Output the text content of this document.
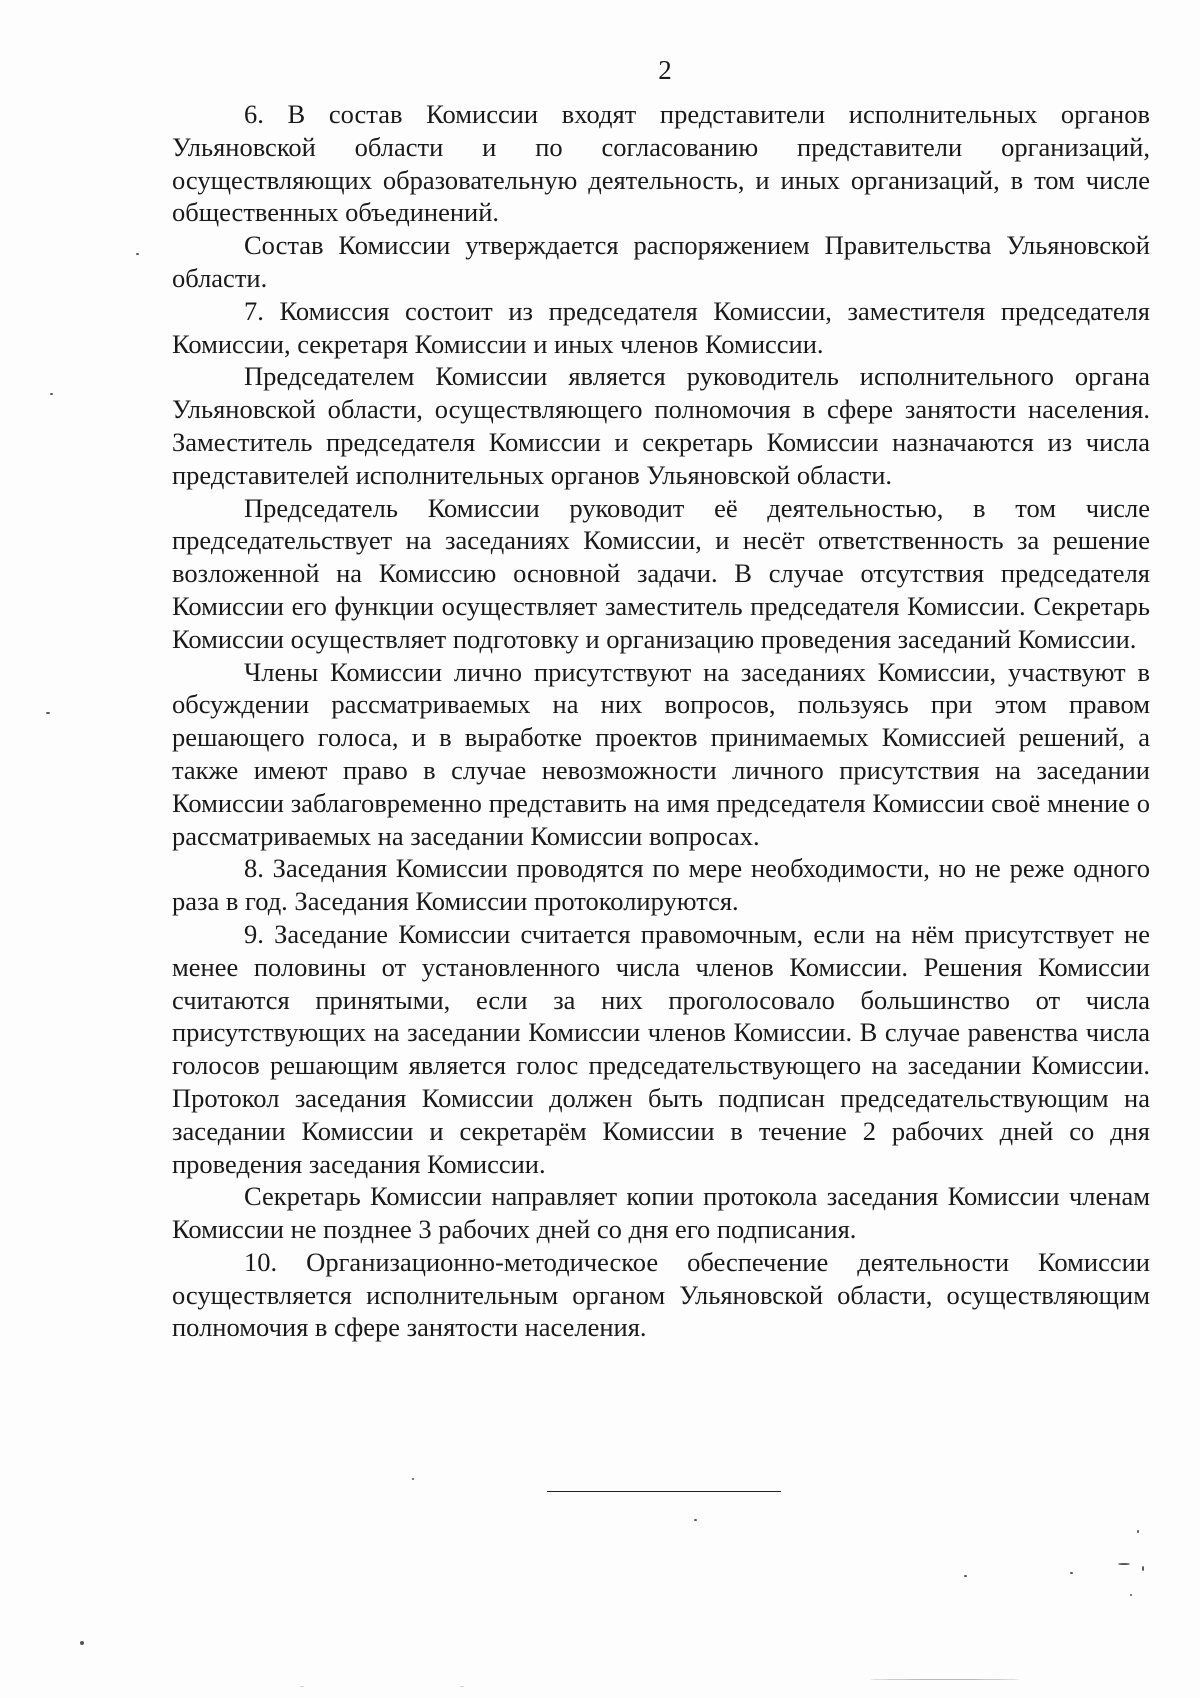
2

6. В состав Комиссии входят представители исполнительных органов Ульяновской области и по согласованию представители организаций, осуществляющих образовательную деятельность, и иных организаций, в том числе общественных объединений.

Состав Комиссии утверждается распоряжением Правительства Ульяновской области.

7. Комиссия состоит из председателя Комиссии, заместителя председателя Комиссии, секретаря Комиссии и иных членов Комиссии.

Председателем Комиссии является руководитель исполнительного органа Ульяновской области, осуществляющего полномочия в сфере занятости населения. Заместитель председателя Комиссии и секретарь Комиссии назначаются из числа представителей исполнительных органов Ульяновской области.

Председатель Комиссии руководит её деятельностью, в том числе председательствует на заседаниях Комиссии, и несёт ответственность за решение возложенной на Комиссию основной задачи. В случае отсутствия председателя Комиссии его функции осуществляет заместитель председателя Комиссии. Секретарь Комиссии осуществляет подготовку и организацию проведения заседаний Комиссии.

Члены Комиссии лично присутствуют на заседаниях Комиссии, участвуют в обсуждении рассматриваемых на них вопросов, пользуясь при этом правом решающего голоса, и в выработке проектов принимаемых Комиссией решений, а также имеют право в случае невозможности личного присутствия на заседании Комиссии заблаговременно представить на имя председателя Комиссии своё мнение о рассматриваемых на заседании Комиссии вопросах.

8. Заседания Комиссии проводятся по мере необходимости, но не реже одного раза в год. Заседания Комиссии протоколируются.

9. Заседание Комиссии считается правомочным, если на нём присутствует не менее половины от установленного числа членов Комиссии. Решения Комиссии считаются принятыми, если за них проголосовало большинство от числа присутствующих на заседании Комиссии членов Комиссии. В случае равенства числа голосов решающим является голос председательствующего на заседании Комиссии. Протокол заседания Комиссии должен быть подписан председательствующим на заседании Комиссии и секретарём Комиссии в течение 2 рабочих дней со дня проведения заседания Комиссии.

Секретарь Комиссии направляет копии протокола заседания Комиссии членам Комиссии не позднее 3 рабочих дней со дня его подписания.

10. Организационно-методическое обеспечение деятельности Комиссии осуществляется исполнительным органом Ульяновской области, осуществляющим полномочия в сфере занятости населения.
